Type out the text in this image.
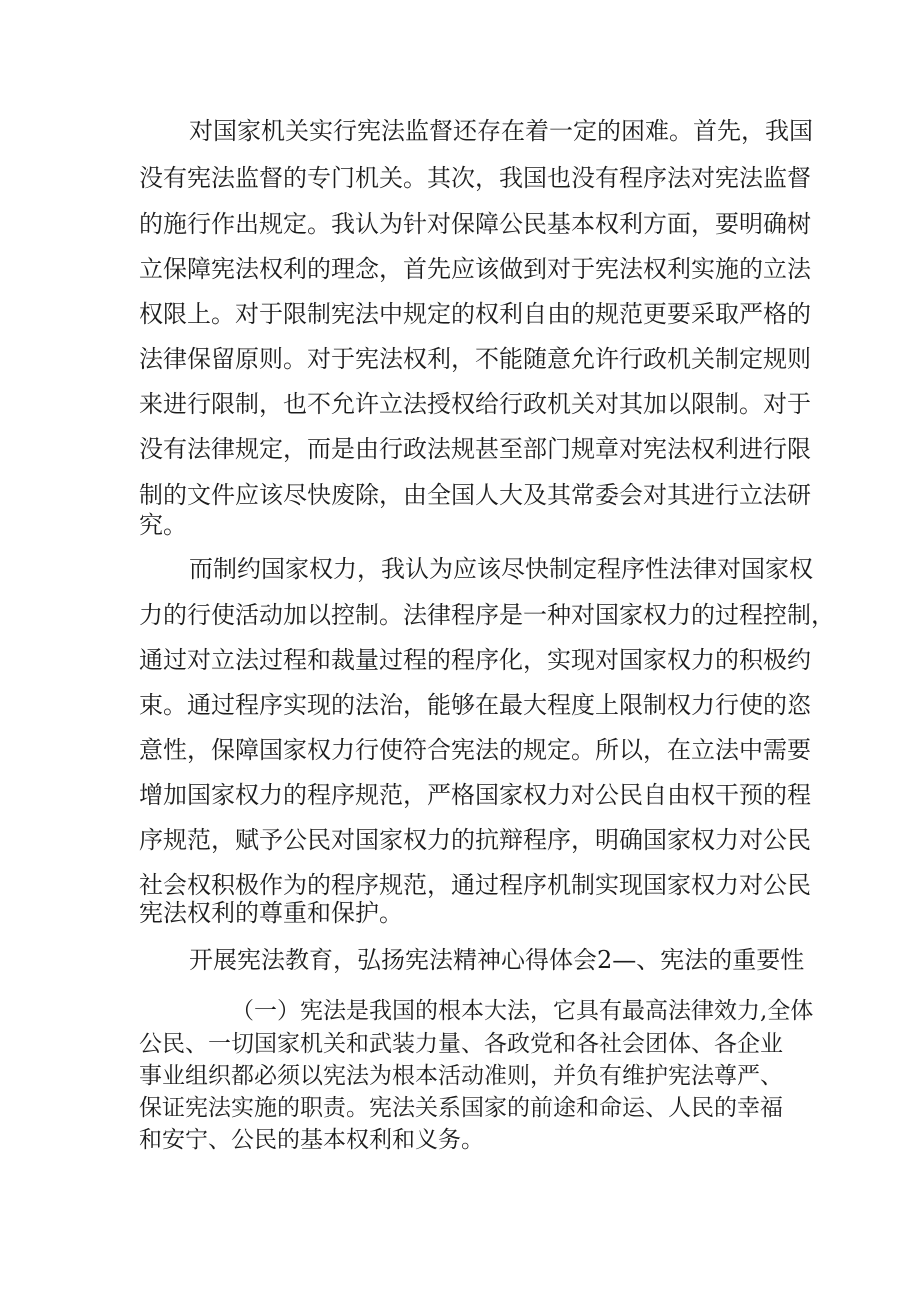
对国家机关实行宪法监督还存在着一定的困难。首先，我国
没有宪法监督的专门机关。其次，我国也没有程序法对宪法监督
的施行作出规定。我认为针对保障公民基本权利方面，要明确树
立保障宪法权利的理念，首先应该做到对于宪法权利实施的立法
权限上。对于限制宪法中规定的权利自由的规范更要采取严格的
法律保留原则。对于宪法权利，不能随意允许行政机关制定规则
来进行限制，也不允许立法授权给行政机关对其加以限制。对于
没有法律规定，而是由行政法规甚至部门规章对宪法权利进行限
制的文件应该尽快废除，由全国人大及其常委会对其进行立法研
究。
而制约国家权力，我认为应该尽快制定程序性法律对国家权
力的行使活动加以控制。法律程序是一种对国家权力的过程控制，
通过对立法过程和裁量过程的程序化，实现对国家权力的积极约
束。通过程序实现的法治，能够在最大程度上限制权力行使的恣
意性，保障国家权力行使符合宪法的规定。所以，在立法中需要
增加国家权力的程序规范，严格国家权力对公民自由权干预的程
序规范，赋予公民对国家权力的抗辩程序，明确国家权力对公民
社会权积极作为的程序规范，通过程序机制实现国家权力对公民
宪法权利的尊重和保护。
开展宪法教育，弘扬宪法精神心得体会2—、宪法的重要性
（一）宪法是我国的根本大法，它具有最高法律效力,全体
公民、一切国家机关和武装力量、各政党和各社会团体、各企业
事业组织都必须以宪法为根本活动准则，并负有维护宪法尊严、
保证宪法实施的职责。宪法关系国家的前途和命运、人民的幸福
和安宁、公民的基本权利和义务。
